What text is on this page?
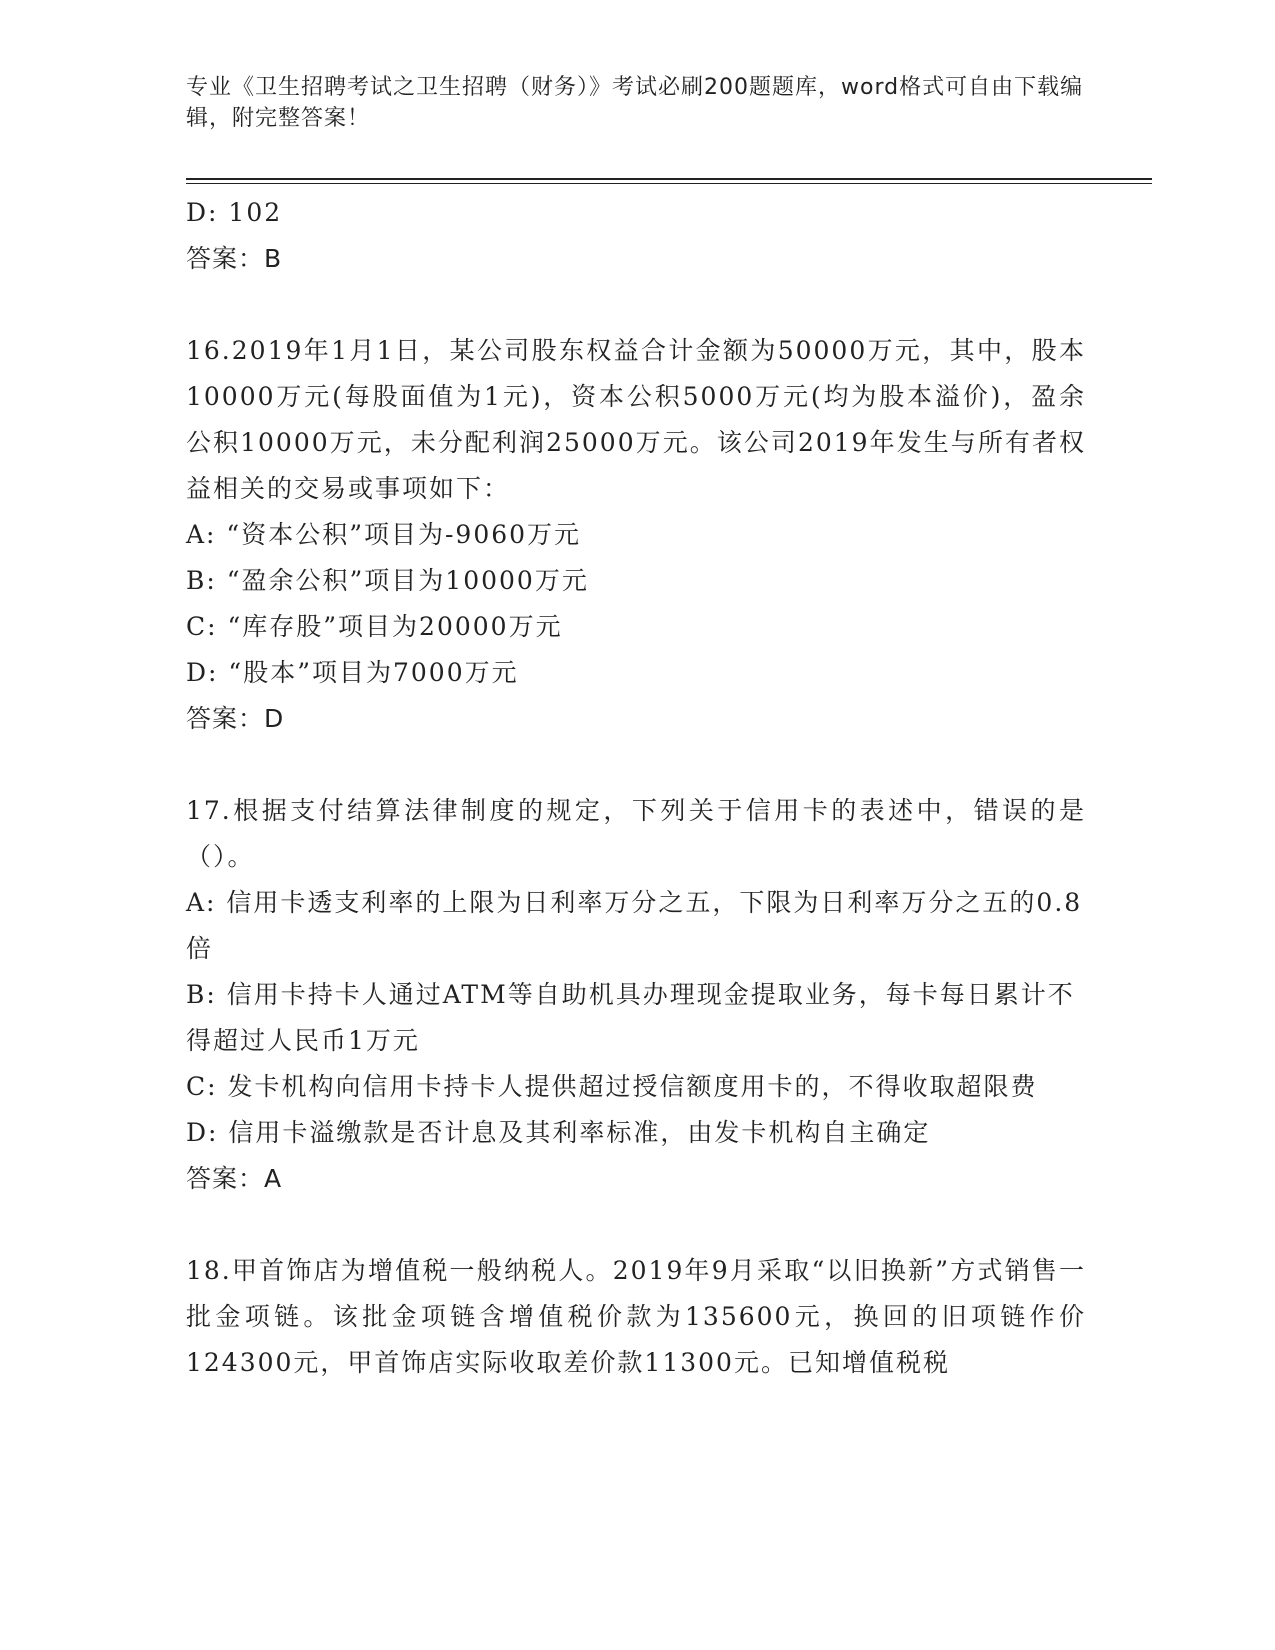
专业《卫生招聘考试之卫生招聘（财务）》考试必刷200题题库，word格式可自由下载编辑，附完整答案！

D: 102

答案：B

16.2019年1月1日，某公司股东权益合计金额为50000万元，其中，股本10000万元(每股面值为1元)，资本公积5000万元(均为股本溢价)，盈余公积10000万元，未分配利润25000万元。该公司2019年发生与所有者权益相关的交易或事项如下：

A: “资本公积”项目为-9060万元

B: “盈余公积”项目为10000万元

C: “库存股”项目为20000万元

D: “股本”项目为7000万元

答案：D

17.根据支付结算法律制度的规定，下列关于信用卡的表述中，错误的是（）。

A: 信用卡透支利率的上限为日利率万分之五，下限为日利率万分之五的0.8倍

B: 信用卡持卡人通过ATM等自助机具办理现金提取业务，每卡每日累计不得超过人民币1万元

C: 发卡机构向信用卡持卡人提供超过授信额度用卡的，不得收取超限费

D: 信用卡溢缴款是否计息及其利率标准，由发卡机构自主确定

答案：A

18.甲首饰店为增值税一般纳税人。2019年9月采取“以旧换新”方式销售一批金项链。该批金项链含增值税价款为135600元，换回的旧项链作价124300元，甲首饰店实际收取差价款11300元。已知增值税税
